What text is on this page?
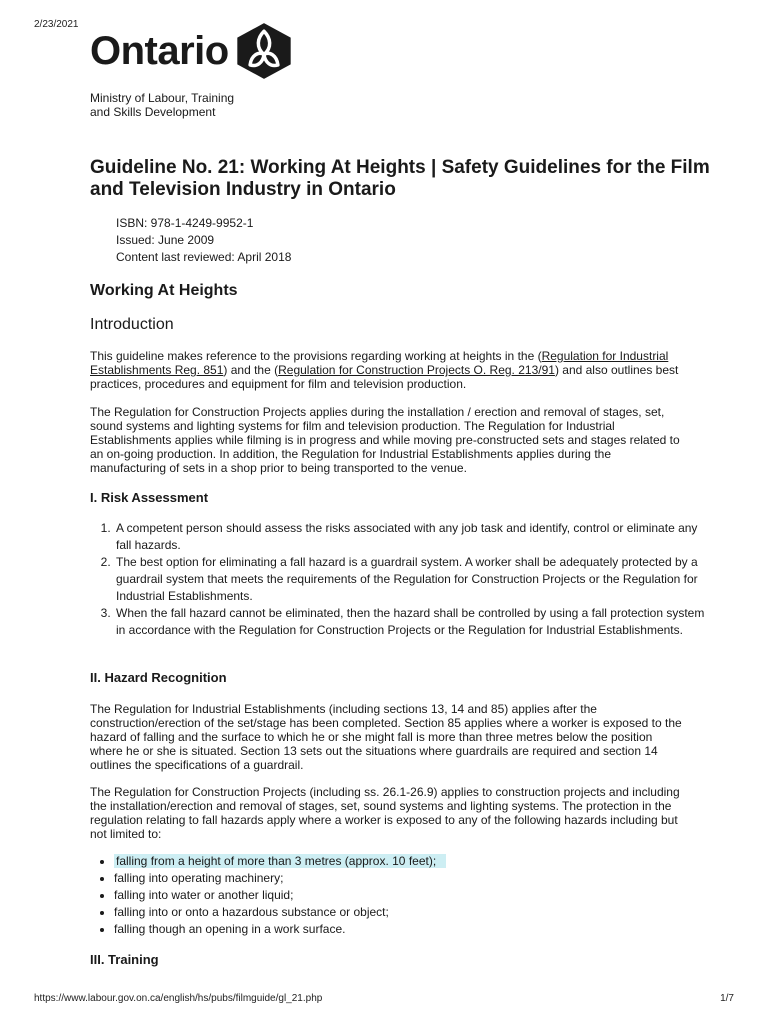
2/23/2021
Ontario
Ministry of Labour, Training
and Skills Development
Guideline No. 21: Working At Heights | Safety Guidelines for the Film and Television Industry in Ontario
ISBN: 978-1-4249-9952-1
Issued: June 2009
Content last reviewed: April 2018
Working At Heights
Introduction

This guideline makes reference to the provisions regarding working at heights in the (Regulation for Industrial Establishments Reg. 851) and the (Regulation for Construction Projects O. Reg. 213/91) and also outlines best practices, procedures and equipment for film and television production.

The Regulation for Construction Projects applies during the installation / erection and removal of stages, set, sound systems and lighting systems for film and television production. The Regulation for Industrial Establishments applies while filming is in progress and while moving pre-constructed sets and stages related to an on-going production. In addition, the Regulation for Industrial Establishments applies during the manufacturing of sets in a shop prior to being transported to the venue.

I. Risk Assessment
1. A competent person should assess the risks associated with any job task and identify, control or eliminate any fall hazards.
2. The best option for eliminating a fall hazard is a guardrail system. A worker shall be adequately protected by a guardrail system that meets the requirements of the Regulation for Construction Projects or the Regulation for Industrial Establishments.
3. When the fall hazard cannot be eliminated, then the hazard shall be controlled by using a fall protection system in accordance with the Regulation for Construction Projects or the Regulation for Industrial Establishments.
II. Hazard Recognition

The Regulation for Industrial Establishments (including sections 13, 14 and 85) applies after the construction/erection of the set/stage has been completed. Section 85 applies where a worker is exposed to the hazard of falling and the surface to which he or she might fall is more than three metres below the position where he or she is situated. Section 13 sets out the situations where guardrails are required and section 14 outlines the specifications of a guardrail.

The Regulation for Construction Projects (including ss. 26.1-26.9) applies to construction projects and including the installation/erection and removal of stages, set, sound systems and lighting systems. The protection in the regulation relating to fall hazards apply where a worker is exposed to any of the following hazards including but not limited to:

• falling from a height of more than 3 metres (approx. 10 feet);
• falling into operating machinery;
• falling into water or another liquid;
• falling into or onto a hazardous substance or object;
• falling though an opening in a work surface.
III. Training
https://www.labour.gov.on.ca/english/hs/pubs/filmguide/gl_21.php	1/7
